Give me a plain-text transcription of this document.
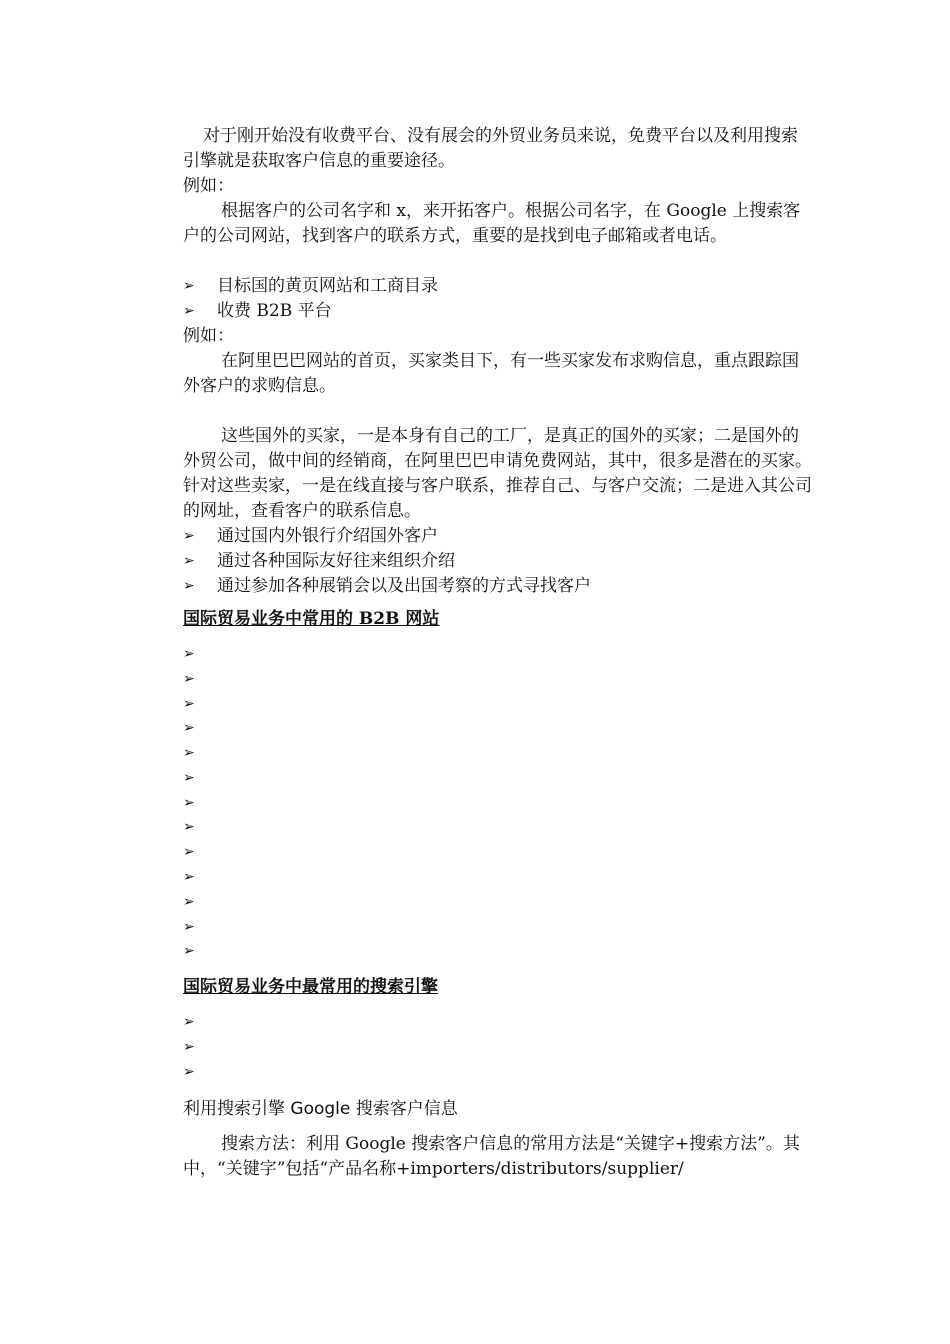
对于刚开始没有收费平台、没有展会的外贸业务员来说，免费平台以及利用搜索引擎就是获取客户信息的重要途径。

例如：

根据客户的公司名字和 x，来开拓客户。根据公司名字，在 Google 上搜索客户的公司网站，找到客户的联系方式，重要的是找到电子邮箱或者电话。

➢	目标国的黄页网站和工商目录
➢	收费 B2B 平台

例如：

在阿里巴巴网站的首页，买家类目下，有一些买家发布求购信息，重点跟踪国外客户的求购信息。

这些国外的买家，一是本身有自己的工厂，是真正的国外的买家；二是国外的外贸公司，做中间的经销商，在阿里巴巴申请免费网站，其中，很多是潜在的买家。针对这些卖家，一是在线直接与客户联系，推荐自己、与客户交流；二是进入其公司的网址，查看客户的联系信息。

➢	通过国内外银行介绍国外客户
➢	通过各种国际友好往来组织介绍
➢	通过参加各种展销会以及出国考察的方式寻找客户

国际贸易业务中常用的 B2B 网站

➢
➢
➢
➢
➢
➢
➢
➢
➢
➢
➢
➢
➢

国际贸易业务中最常用的搜索引擎

➢
➢
➢

利用搜索引擎 Google 搜索客户信息

搜索方法：利用 Google 搜索客户信息的常用方法是“关键字+搜索方法”。其中，“关键字”包括“产品名称+importers/distributors/supplier/
